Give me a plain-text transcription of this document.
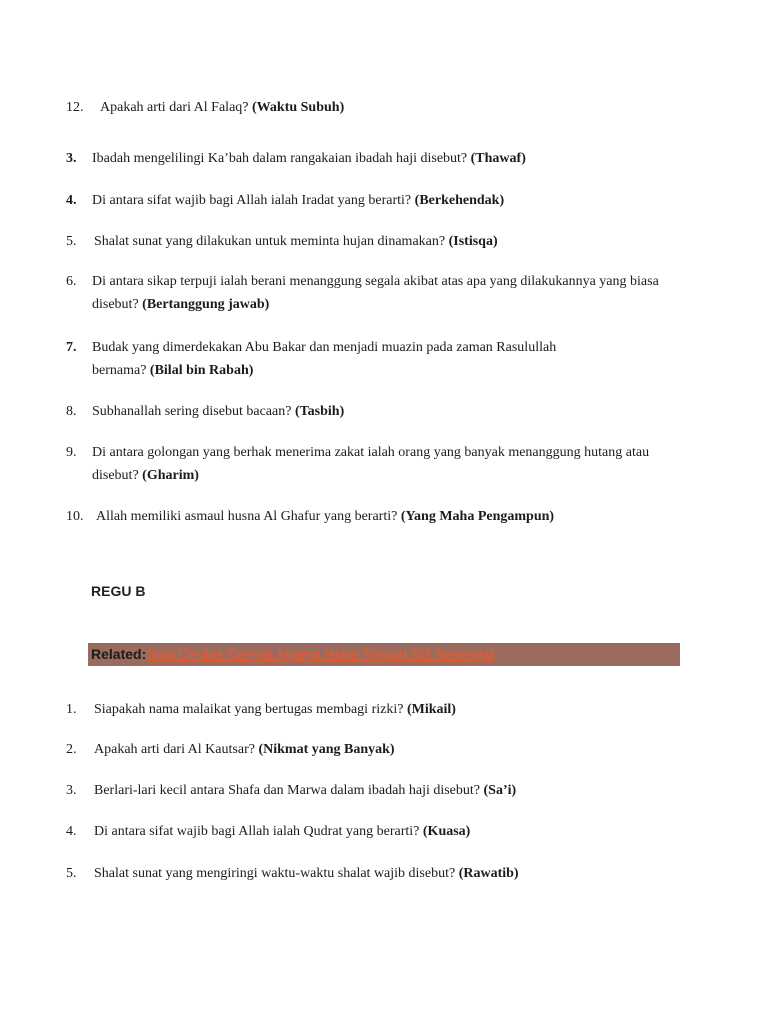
12.	Apakah arti dari Al Falaq? (Waktu Subuh)
3.	Ibadah mengelilingi Ka’bah dalam rangakaian ibadah haji disebut? (Thawaf)
4.	Di antara sifat wajib bagi Allah ialah Iradat yang berarti? (Berkehendak)
5.	Shalat sunat yang dilakukan untuk meminta hujan dinamakan? (Istisqa)
6.	Di antara sikap terpuji ialah berani menanggung segala akibat atas apa yang dilakukannya yang biasa disebut? (Bertanggung jawab)
7.	Budak yang dimerdekakan Abu Bakar dan menjadi muazin pada zaman Rasulullah bernama? (Bilal bin Rabah)
8.	Subhanallah sering disebut bacaan? (Tasbih)
9.	Di antara golongan yang berhak menerima zakat ialah orang yang banyak menanggung hutang atau disebut? (Gharim)
10. Allah memiliki asmaul husna Al Ghafur yang berarti? (Yang Maha Pengampun)
REGU B
Related:Soal Cerdas Cermat Agama Islam Tingkat SD Sederajat
1.	Siapakah nama malaikat yang bertugas membagi rizki? (Mikail)
2.	Apakah arti dari Al Kautsar? (Nikmat yang Banyak)
3.	Berlari-lari kecil antara Shafa dan Marwa dalam ibadah haji disebut? (Sa’i)
4.	Di antara sifat wajib bagi Allah ialah Qudrat yang berarti? (Kuasa)
5.	Shalat sunat yang mengiringi waktu-waktu shalat wajib disebut? (Rawatib)
